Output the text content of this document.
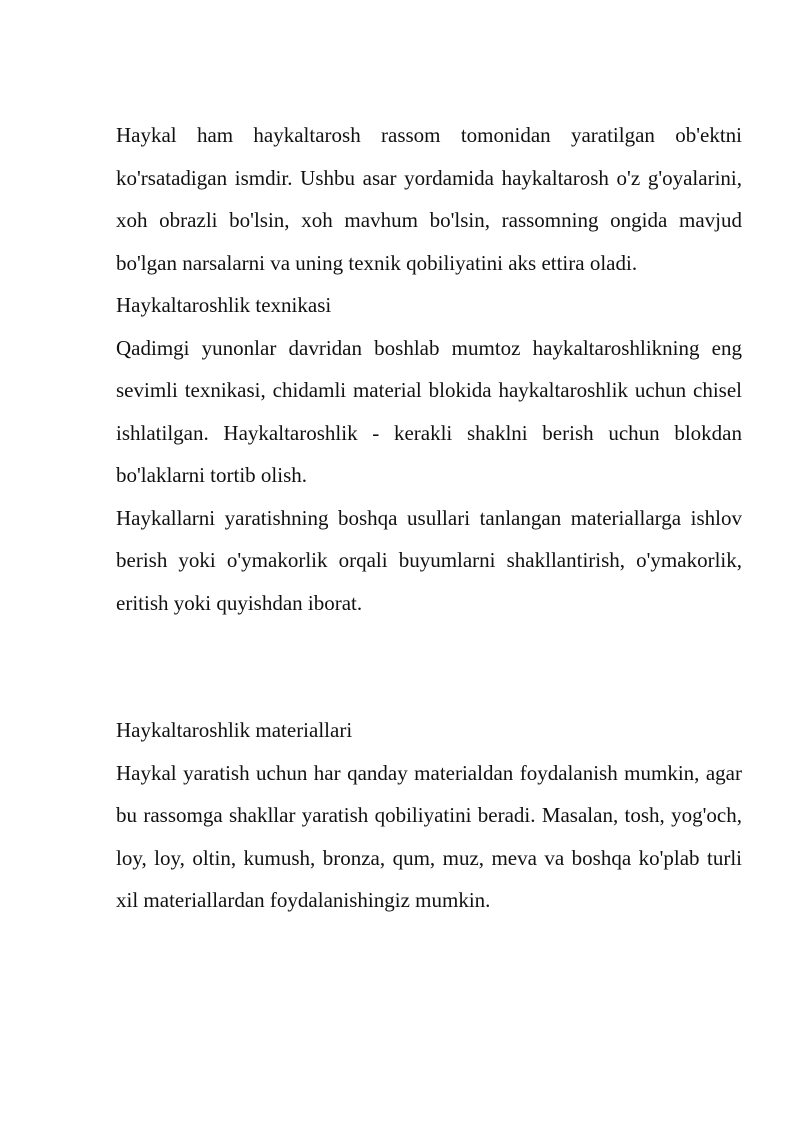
Haykal ham haykaltarosh rassom tomonidan yaratilgan ob'ektni ko'rsatadigan ismdir. Ushbu asar yordamida haykaltarosh o'z g'oyalarini, xoh obrazli bo'lsin, xoh mavhum bo'lsin, rassomning ongida mavjud bo'lgan narsalarni va uning texnik qobiliyatini aks ettira oladi.

Haykaltaroshlik texnikasi

Qadimgi yunonlar davridan boshlab mumtoz haykaltaroshlikning eng sevimli texnikasi, chidamli material blokida haykaltaroshlik uchun chisel ishlatilgan. Haykaltaroshlik - kerakli shaklni berish uchun blokdan bo'laklarni tortib olish.

Haykallarni yaratishning boshqa usullari tanlangan materiallarga ishlov berish yoki o'ymakorlik orqali buyumlarni shakllantirish, o'ymakorlik, eritish yoki quyishdan iborat.

Haykaltaroshlik materiallari

Haykal yaratish uchun har qanday materialdan foydalanish mumkin, agar bu rassomga shakllar yaratish qobiliyatini beradi. Masalan, tosh, yog'och, loy, loy, oltin, kumush, bronza, qum, muz, meva va boshqa ko'plab turli xil materiallardan foydalanishingiz mumkin.
